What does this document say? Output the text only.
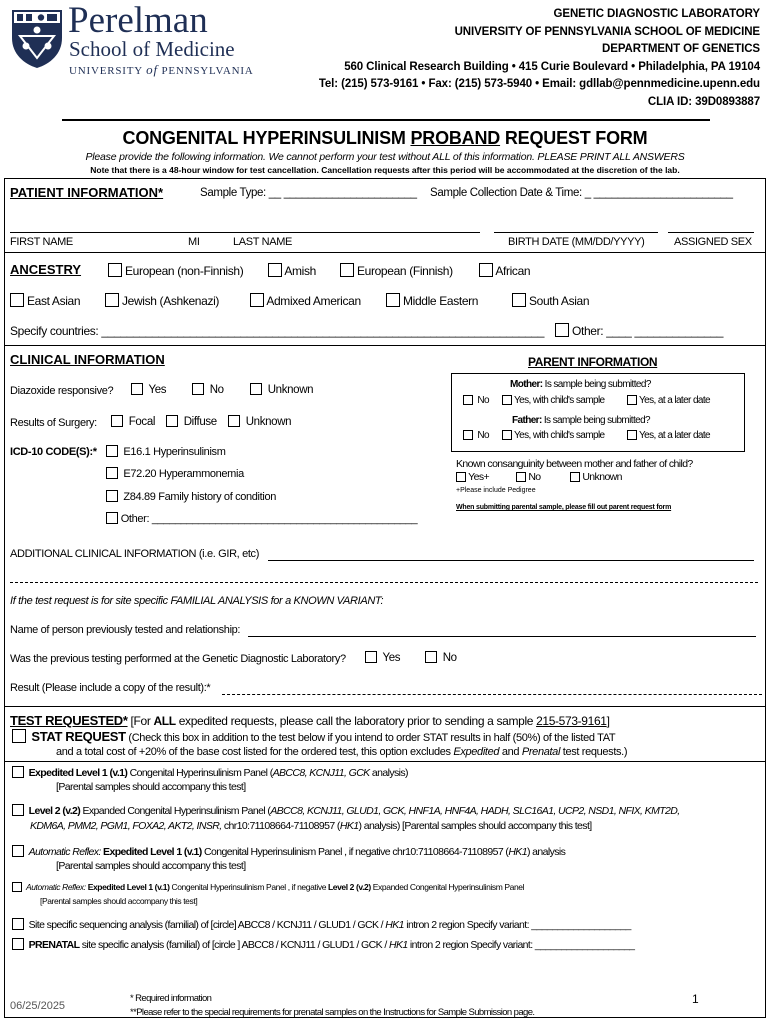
Perelman
School of Medicine
UNIVERSITY of PENNSYLVANIA
GENETIC DIAGNOSTIC LABORATORY
UNIVERSITY OF PENNSYLVANIA SCHOOL OF MEDICINE
DEPARTMENT OF GENETICS
560 Clinical Research Building • 415 Curie Boulevard • Philadelphia, PA 19104
Tel: (215) 573-9161 • Fax: (215) 573-5940 • Email: gdllab@pennmedicine.upenn.edu
CLIA ID: 39D0893887
CONGENITAL HYPERINSULINISM PROBAND REQUEST FORM
Please provide the following information. We cannot perform your test without ALL of this information. PLEASE PRINT ALL ANSWERS
Note that there is a 48-hour window for test cancellation. Cancellation requests after this period will be accommodated at the discretion of the lab.
PATIENT INFORMATION*	Sample Type: __ ______________________ Sample Collection Date & Time: _ _______________________
FIRST NAME	MI	LAST NAME	BIRTH DATE (MM/DD/YYYY)	ASSIGNED SEX
ANCESTRY	European (non-Finnish)	Amish	European (Finnish)	African
East Asian	Jewish (Ashkenazi)	Admixed American	Middle Eastern	South Asian
Specify countries: ______________________________________________________________________	Other: ____ ______________
CLINICAL INFORMATION
Diazoxide responsive?	Yes	No	Unknown
Results of Surgery:	Focal	Diffuse	Unknown
ICD-10 CODE(S):*	E16.1 Hyperinsulinism
E72.20 Hyperammonemia
Z84.89 Family history of condition
Other: ______________________________________________
PARENT INFORMATION
Mother: Is sample being submitted?
No	Yes, with child's sample	Yes, at a later date
Father: Is sample being submitted?
No	Yes, with child's sample	Yes, at a later date
Known consanguinity between mother and father of child?
Yes+	No	Unknown
+Please include Pedigree
When submitting parental sample, please fill out parent request form
ADDITIONAL CLINICAL INFORMATION (i.e. GIR, etc)
If the test request is for site specific FAMILIAL ANALYSIS for a KNOWN VARIANT:
Name of person previously tested and relationship:
Was the previous testing performed at the Genetic Diagnostic Laboratory?	Yes	No
Result (Please include a copy of the result):*
TEST REQUESTED* [For ALL expedited requests, please call the laboratory prior to sending a sample 215-573-9161]
STAT REQUEST (Check this box in addition to the test below if you intend to order STAT results in half (50%) of the listed TAT
and a total cost of +20% of the base cost listed for the ordered test, this option excludes Expedited and Prenatal test requests.)
Expedited Level 1 (v.1) Congenital Hyperinsulinism Panel (ABCC8, KCNJ11, GCK analysis)
[Parental samples should accompany this test]
Level 2 (v.2) Expanded Congenital Hyperinsulinism Panel (ABCC8, KCNJ11, GLUD1, GCK, HNF1A, HNF4A, HADH, SLC16A1, UCP2, NSD1, NFIX, KMT2D,
KDM6A, PMM2, PGM1, FOXA2, AKT2, INSR, chr10:71108664-71108957 (HK1) analysis) [Parental samples should accompany this test]
Automatic Reflex: Expedited Level 1 (v.1) Congenital Hyperinsulinism Panel , if negative chr10:71108664-71108957 (HK1) analysis
[Parental samples should accompany this test]
Automatic Reflex: Expedited Level 1 (v.1) Congenital Hyperinsulinism Panel , if negative Level 2 (v.2) Expanded Congenital Hyperinsulinism Panel
[Parental samples should accompany this test]
Site specific sequencing analysis (familial) of [circle] ABCC8 / KCNJ11 / GLUD1 / GCK / HK1 intron 2 region Specify variant: ___________________
PRENATAL site specific analysis (familial) of [circle ] ABCC8 / KCNJ11 / GLUD1 / GCK / HK1 intron 2 region Specify variant: ___________________
06/25/2025
* Required information
**Please refer to the special requirements for prenatal samples on the Instructions for Sample Submission page.
1
